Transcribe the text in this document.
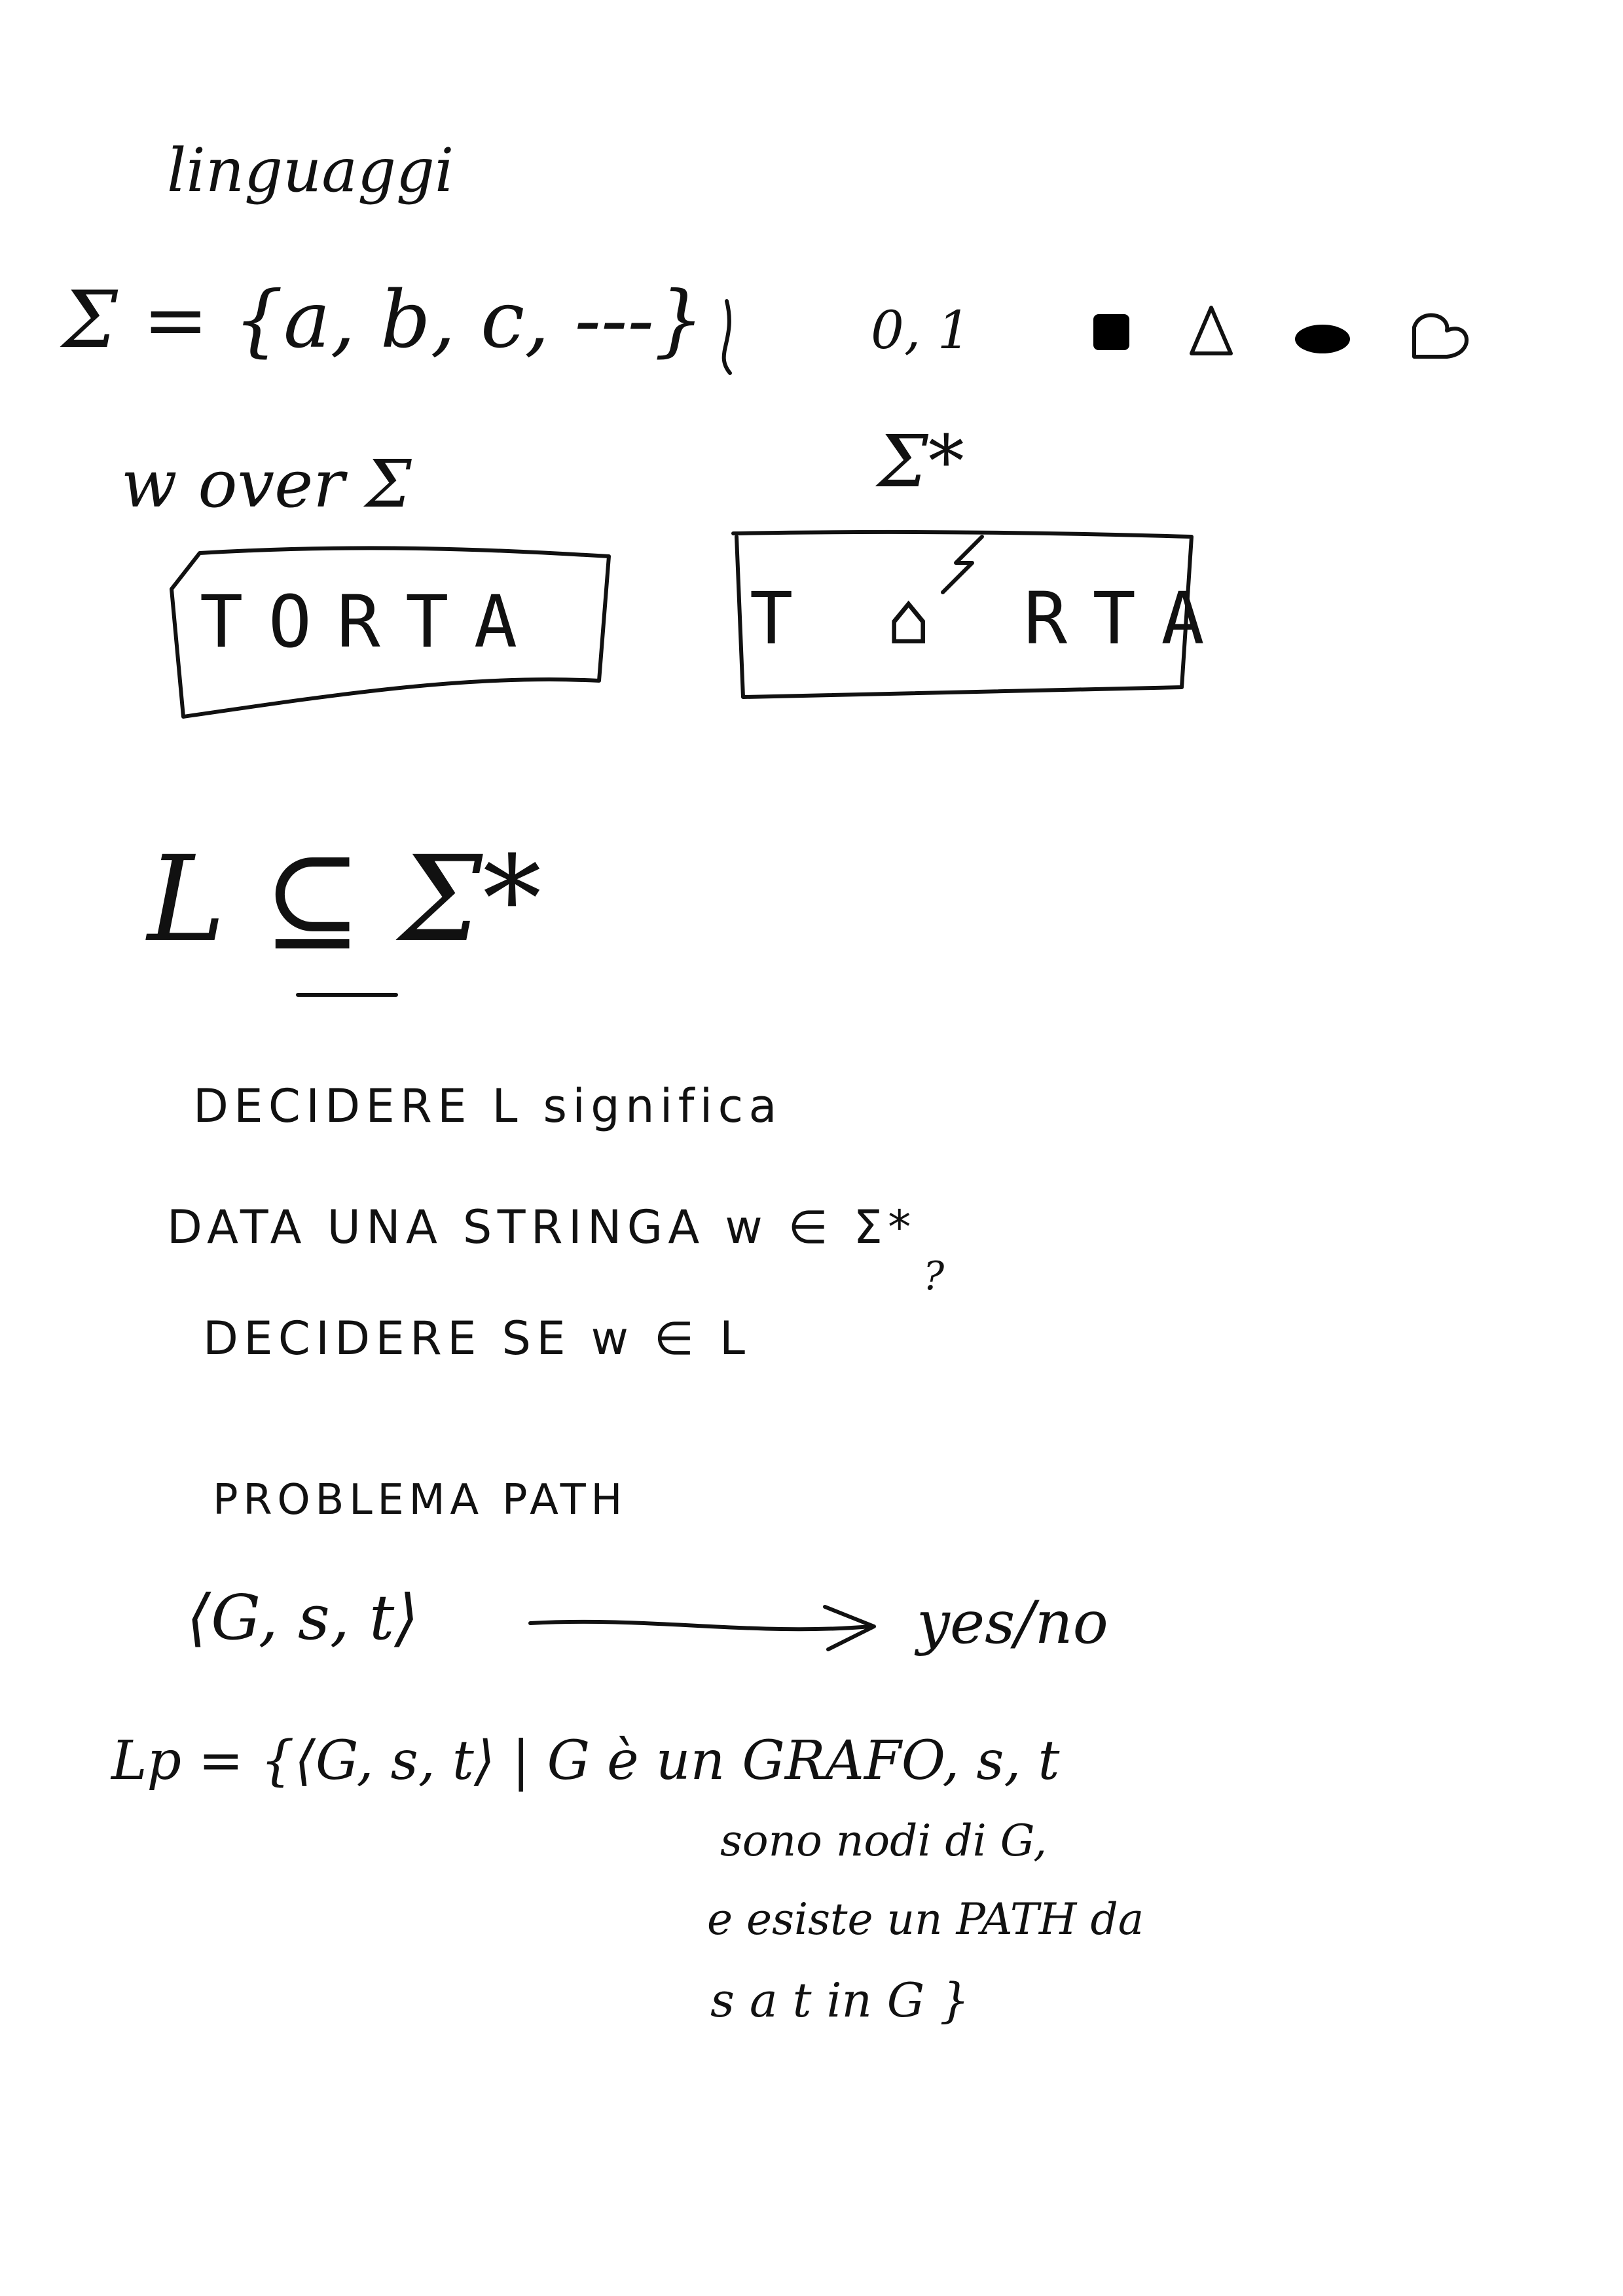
linguaggi
Σ = {a, b, c, ---}	0, 1
w over Σ	Σ*
TORTA	T ⌂ RTA
L ⊆ Σ*
DECIDERE L significa
DATA UNA STRINGA w ∈ Σ*
?
DECIDERE SE w ∈ L
PROBLEMA PATH
⟨G, s, t⟩	yes/no
Lp = {⟨G, s, t⟩ | G è un GRAFO, s, t
sono nodi di G,
e esiste un PATH da
s a t in G }
